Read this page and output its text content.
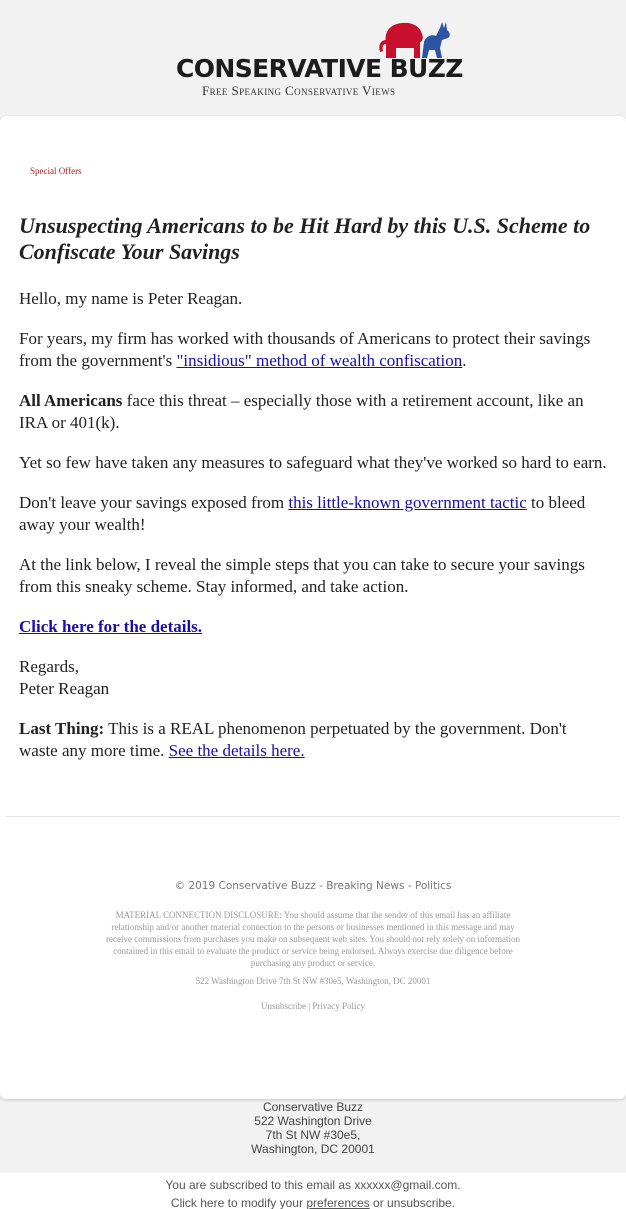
CONSERVATIVE BUZZ
Free Speaking Conservative Views
Special Offers
Unsuspecting Americans to be Hit Hard by this U.S. Scheme to Confiscate Your Savings

Hello, my name is Peter Reagan.

For years, my firm has worked with thousands of Americans to protect their savings from the government's "insidious" method of wealth confiscation.

All Americans face this threat – especially those with a retirement account, like an IRA or 401(k).

Yet so few have taken any measures to safeguard what they've worked so hard to earn.

Don't leave your savings exposed from this little-known government tactic to bleed away your wealth!

At the link below, I reveal the simple steps that you can take to secure your savings from this sneaky scheme. Stay informed, and take action.

Click here for the details.

Regards,
Peter Reagan

Last Thing: This is a REAL phenomenon perpetuated by the government. Don't waste any more time. See the details here.

© 2019 Conservative Buzz - Breaking News - Politics
MATERIAL CONNECTION DISCLOSURE: You should assume that the sender of this email has an affiliate relationship and/or another material connection to the persons or businesses mentioned in this message and may receive commissions from purchases you make on subsequent web sites. You should not rely solely on information contained in this email to evaluate the product or service being endorsed. Always exercise due diligence before purchasing any product or service.
522 Washington Drive 7th St NW #30e5, Washington, DC 20001
Unsubscribe | Privacy Policy
Conservative Buzz
522 Washington Drive
7th St NW #30e5,
Washington, DC 20001
You are subscribed to this email as xxxxxx@gmail.com.
Click here to modify your preferences or unsubscribe.
